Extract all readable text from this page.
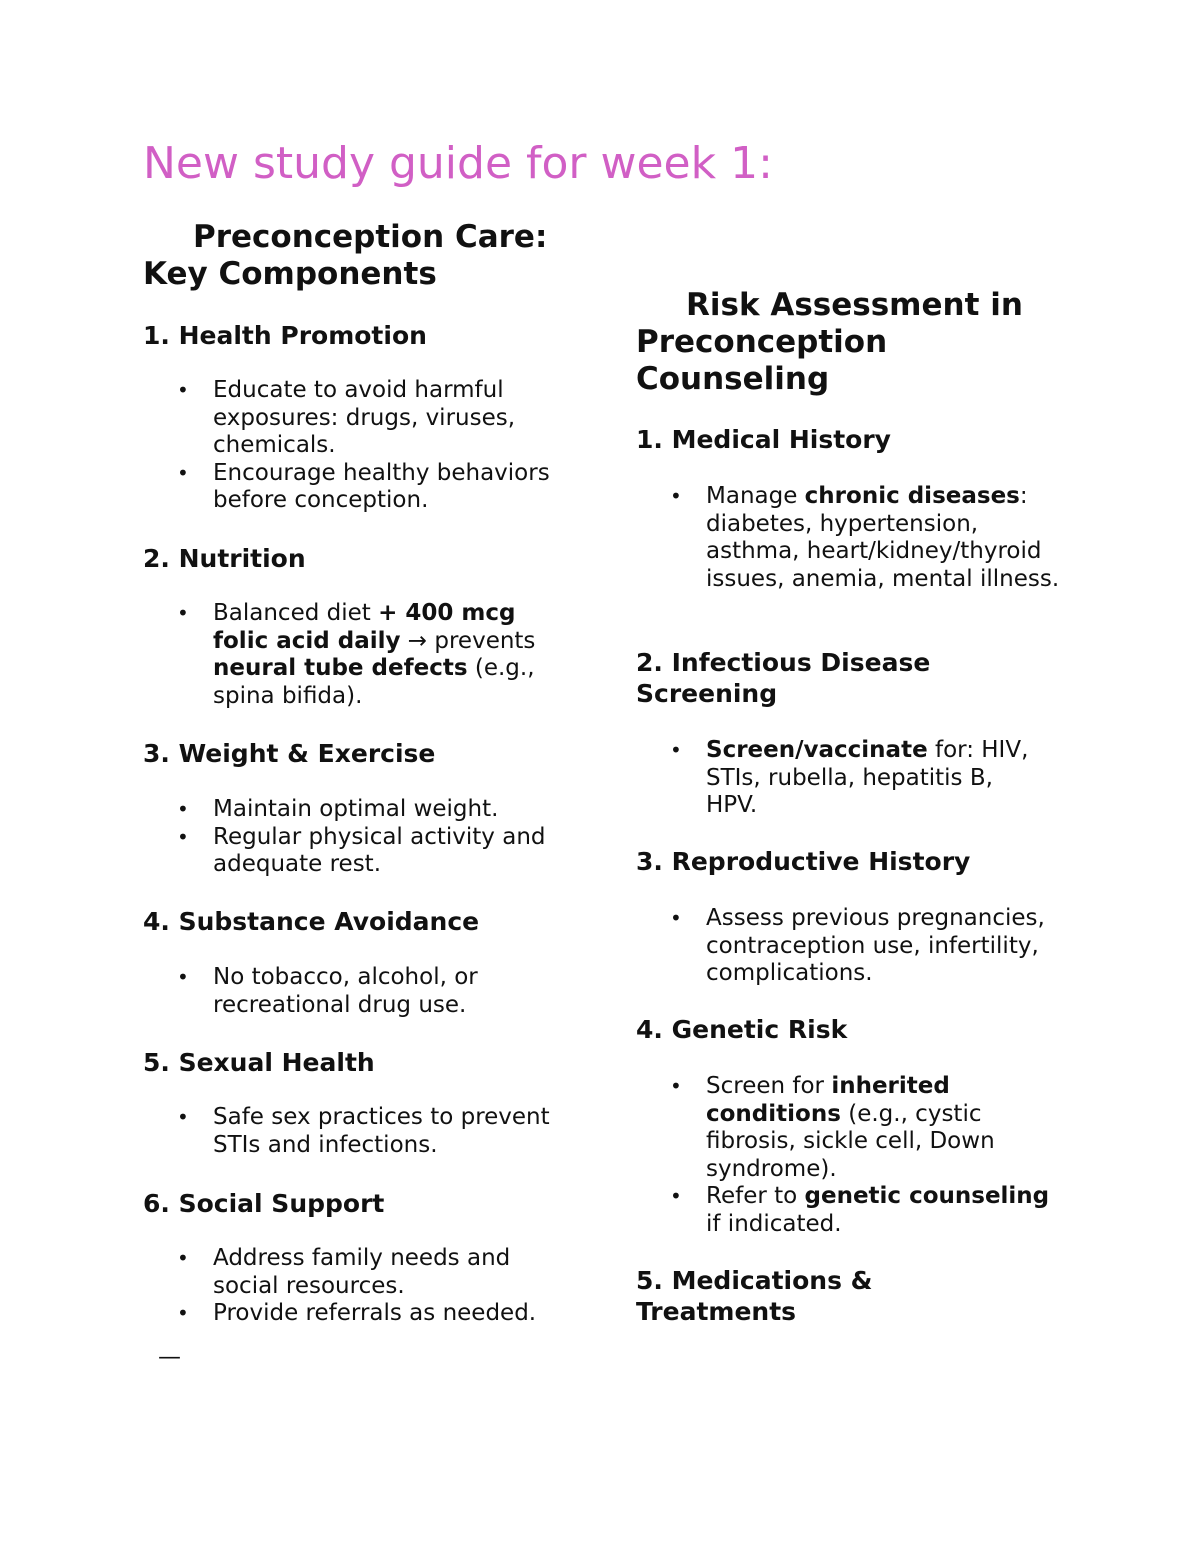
New study guide for week 1:
Preconception Care:
Key Components
1. Health Promotion
• Educate to avoid harmful exposures: drugs, viruses, chemicals.
• Encourage healthy behaviors before conception.
2. Nutrition
• Balanced diet + 400 mcg folic acid daily → prevents neural tube defects (e.g., spina bifida).
3. Weight & Exercise
• Maintain optimal weight.
• Regular physical activity and adequate rest.
4. Substance Avoidance
• No tobacco, alcohol, or recreational drug use.
5. Sexual Health
• Safe sex practices to prevent STIs and infections.
6. Social Support
• Address family needs and social resources.
• Provide referrals as needed.
—
Risk Assessment in
Preconception
Counseling
1. Medical History
• Manage chronic diseases: diabetes, hypertension, asthma, heart/kidney/thyroid issues, anemia, mental illness.
2. Infectious Disease Screening
• Screen/vaccinate for: HIV, STIs, rubella, hepatitis B, HPV.
3. Reproductive History
• Assess previous pregnancies, contraception use, infertility, complications.
4. Genetic Risk
• Screen for inherited conditions (e.g., cystic fibrosis, sickle cell, Down syndrome).
• Refer to genetic counseling if indicated.
5. Medications & Treatments
